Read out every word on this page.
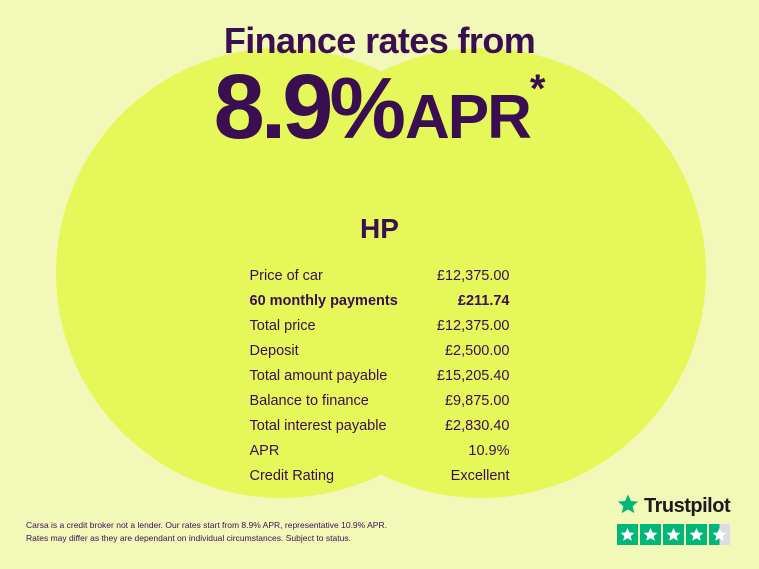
Finance rates from
8.9%APR*
HP
Price of car	£12,375.00
60 monthly payments	£211.74
Total price	£12,375.00
Deposit	£2,500.00
Total amount payable	£15,205.40
Balance to finance	£9,875.00
Total interest payable	£2,830.40
APR	10.9%
Credit Rating	Excellent
Carsa is a credit broker not a lender. Our rates start from 8.9% APR, representative 10.9% APR.
Rates may differ as they are dependant on individual circumstances. Subject to status.
Trustpilot
